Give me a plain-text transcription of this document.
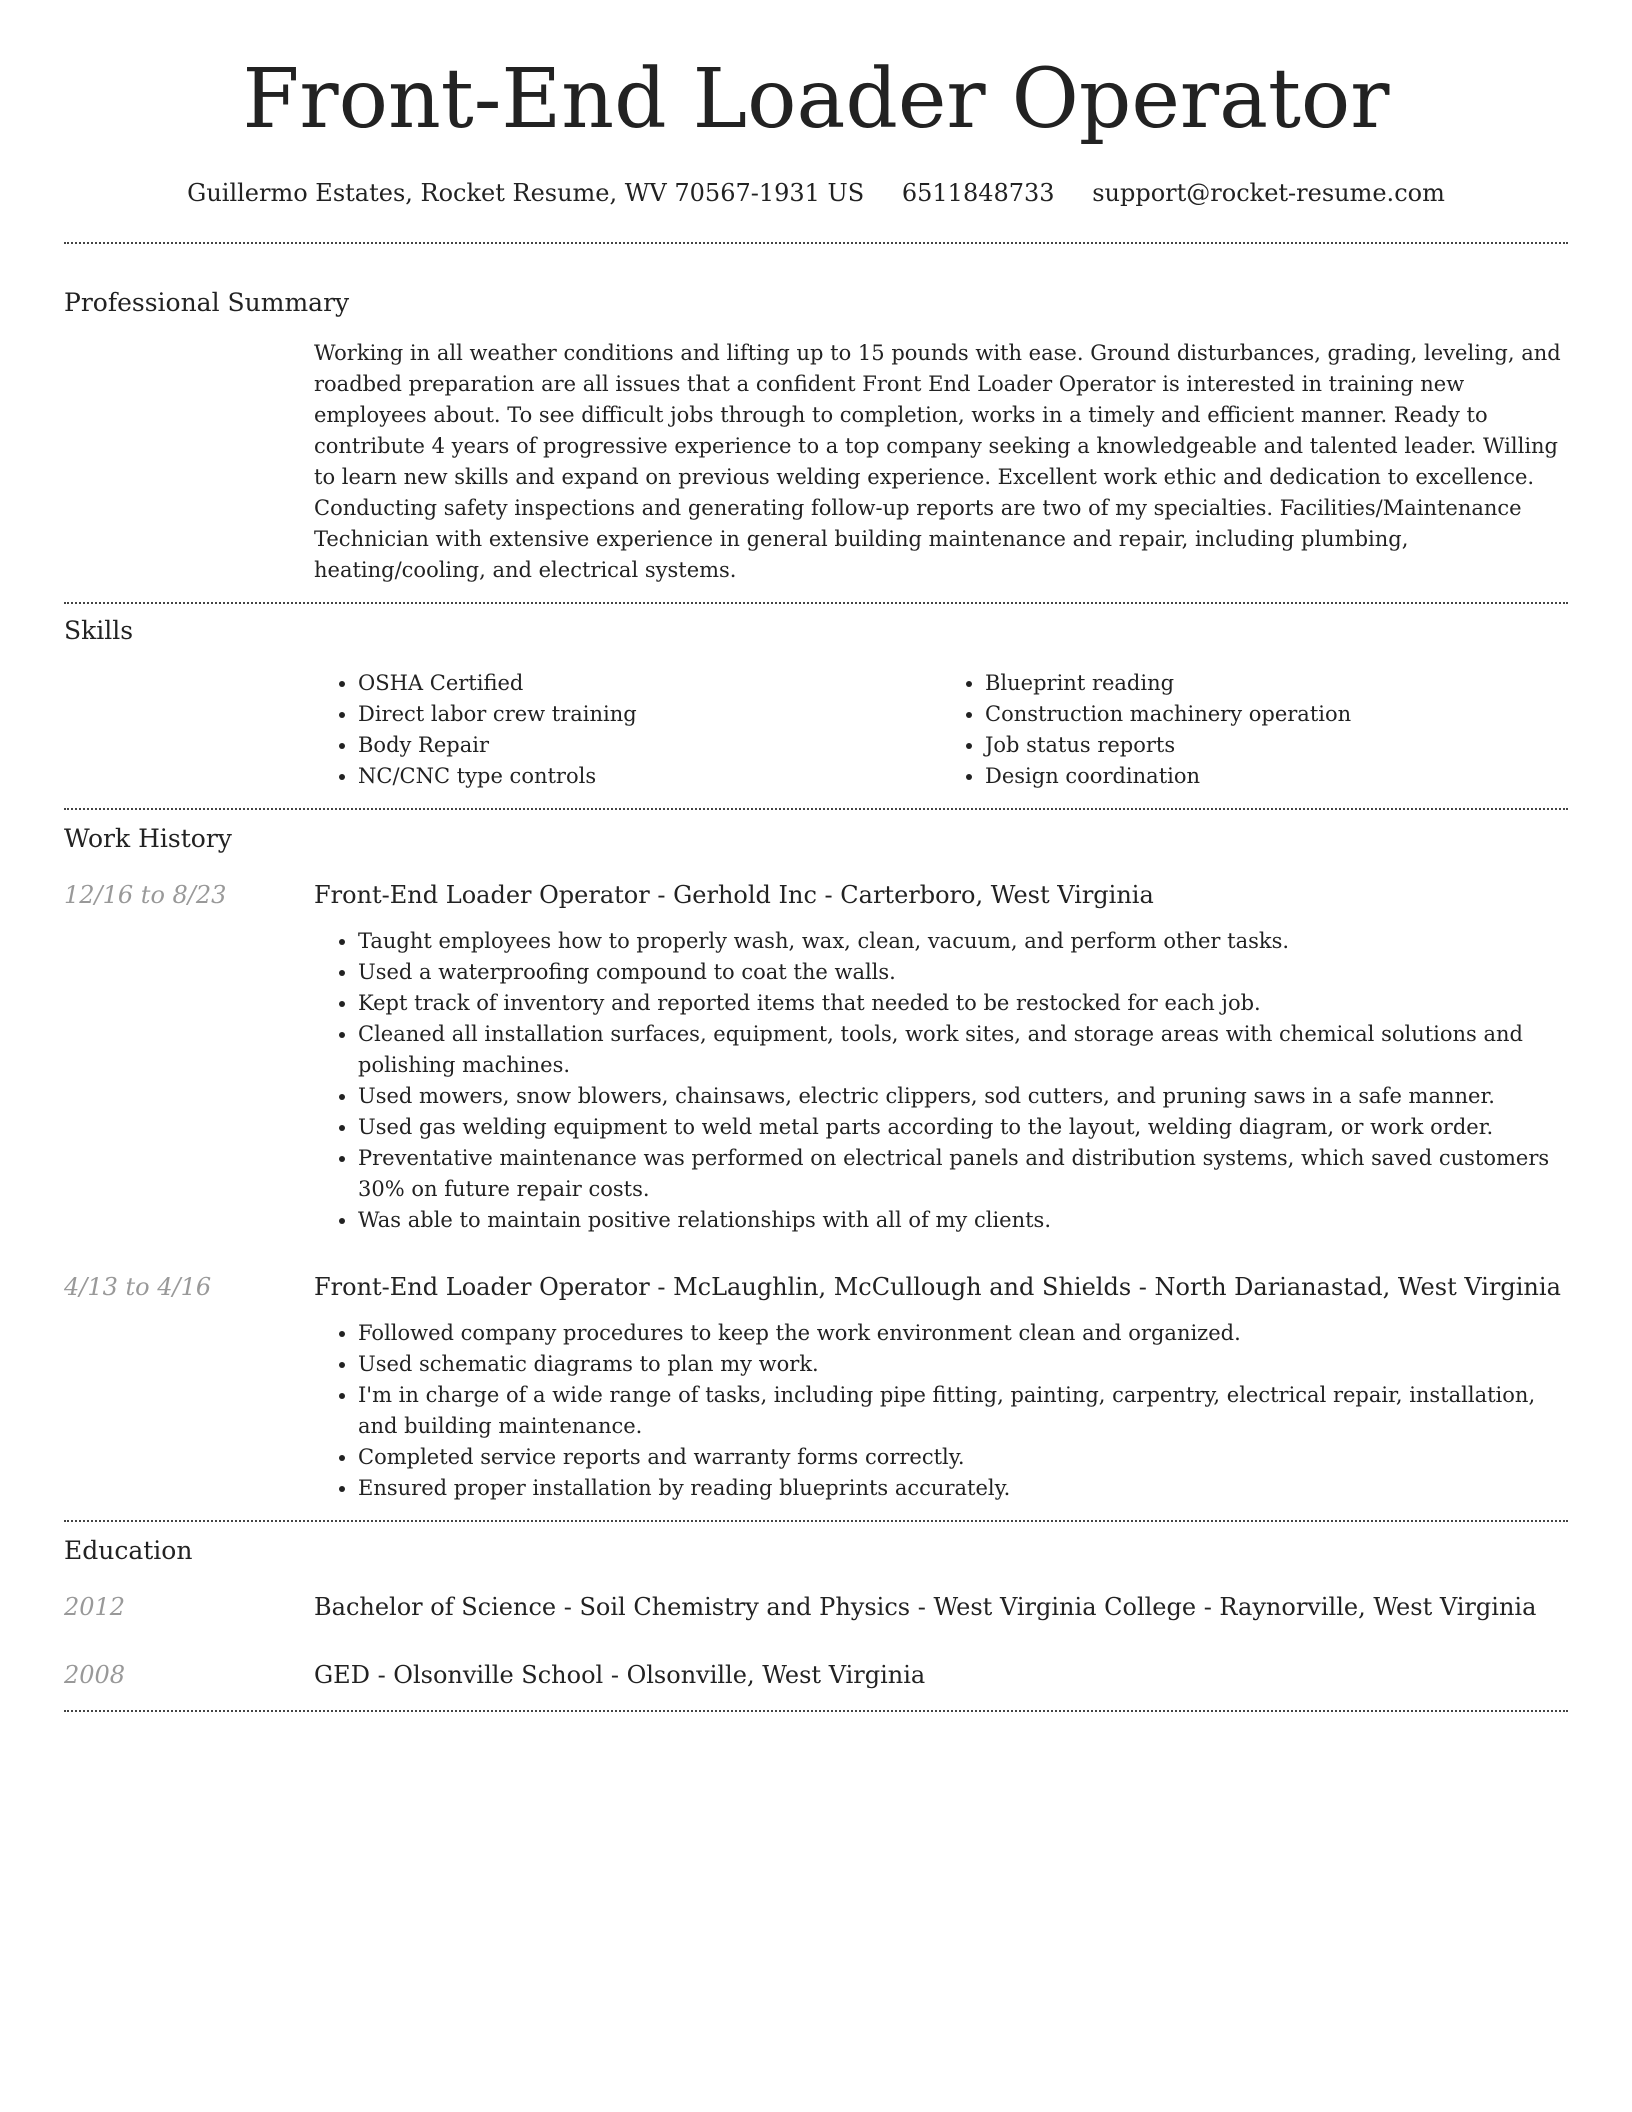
Front-End Loader Operator
Guillermo Estates, Rocket Resume, WV 70567-1931 US 6511848733 support@rocket-resume.com
Professional Summary

Working in all weather conditions and lifting up to 15 pounds with ease. Ground disturbances, grading, leveling, and roadbed preparation are all issues that a confident Front End Loader Operator is interested in training new employees about. To see difficult jobs through to completion, works in a timely and efficient manner. Ready to contribute 4 years of progressive experience to a top company seeking a knowledgeable and talented leader. Willing to learn new skills and expand on previous welding experience. Excellent work ethic and dedication to excellence. Conducting safety inspections and generating follow-up reports are two of my specialties. Facilities/Maintenance Technician with extensive experience in general building maintenance and repair, including plumbing, heating/cooling, and electrical systems.

Skills
• OSHA Certified
• Direct labor crew training
• Body Repair
• NC/CNC type controls
• Blueprint reading
• Construction machinery operation
• Job status reports
• Design coordination
Work History
12/16 to 8/23	Front-End Loader Operator - Gerhold Inc - Carterboro, West Virginia
• Taught employees how to properly wash, wax, clean, vacuum, and perform other tasks.
• Used a waterproofing compound to coat the walls.
• Kept track of inventory and reported items that needed to be restocked for each job.
• Cleaned all installation surfaces, equipment, tools, work sites, and storage areas with chemical solutions and polishing machines.
• Used mowers, snow blowers, chainsaws, electric clippers, sod cutters, and pruning saws in a safe manner.
• Used gas welding equipment to weld metal parts according to the layout, welding diagram, or work order.
• Preventative maintenance was performed on electrical panels and distribution systems, which saved customers 30% on future repair costs.
• Was able to maintain positive relationships with all of my clients.
4/13 to 4/16	Front-End Loader Operator - McLaughlin, McCullough and Shields - North Darianastad, West Virginia
• Followed company procedures to keep the work environment clean and organized.
• Used schematic diagrams to plan my work.
• I'm in charge of a wide range of tasks, including pipe fitting, painting, carpentry, electrical repair, installation, and building maintenance.
• Completed service reports and warranty forms correctly.
• Ensured proper installation by reading blueprints accurately.
Education
2012	Bachelor of Science - Soil Chemistry and Physics - West Virginia College - Raynorville, West Virginia
2008	GED - Olsonville School - Olsonville, West Virginia
